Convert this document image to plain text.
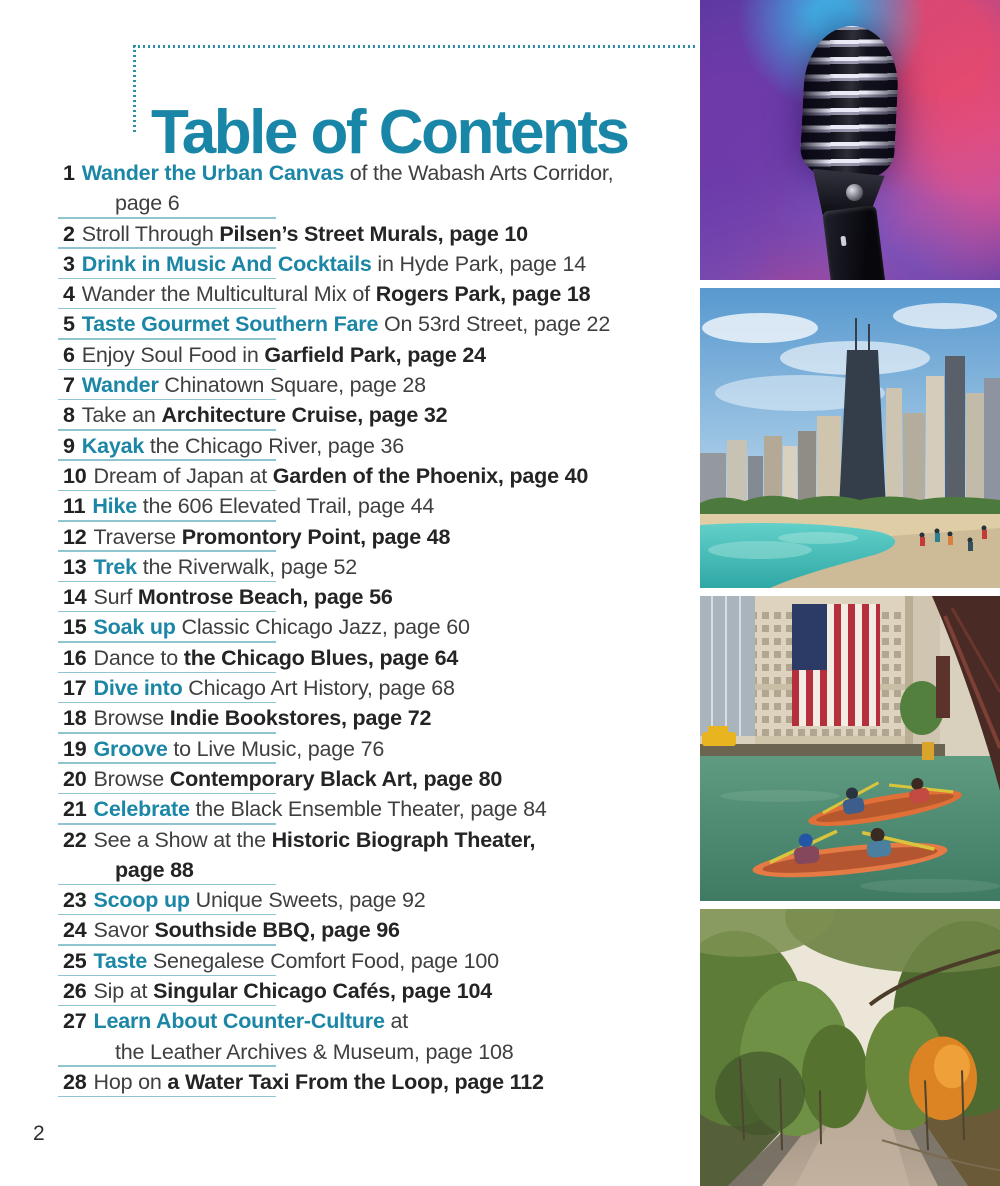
Table of Contents
1 Wander the Urban Canvas of the Wabash Arts Corridor,
page 6
2 Stroll Through Pilsen’s Street Murals, page 10
3 Drink in Music And Cocktails in Hyde Park, page 14
4 Wander the Multicultural Mix of Rogers Park, page 18
5 Taste Gourmet Southern Fare On 53rd Street, page 22
6 Enjoy Soul Food in Garfield Park, page 24
7 Wander Chinatown Square, page 28
8 Take an Architecture Cruise, page 32
9 Kayak the Chicago River, page 36
10 Dream of Japan at Garden of the Phoenix, page 40
11 Hike the 606 Elevated Trail, page 44
12 Traverse Promontory Point, page 48
13 Trek the Riverwalk, page 52
14 Surf Montrose Beach, page 56
15 Soak up Classic Chicago Jazz, page 60
16 Dance to the Chicago Blues, page 64
17 Dive into Chicago Art History, page 68
18 Browse Indie Bookstores, page 72
19 Groove to Live Music, page 76
20 Browse Contemporary Black Art, page 80
21 Celebrate the Black Ensemble Theater, page 84
22 See a Show at the Historic Biograph Theater,
page 88
23 Scoop up Unique Sweets, page 92
24 Savor Southside BBQ, page 96
25 Taste Senegalese Comfort Food, page 100
26 Sip at Singular Chicago Cafés, page 104
27 Learn About Counter-Culture at
the Leather Archives & Museum, page 108
28 Hop on a Water Taxi From the Loop, page 112
2
